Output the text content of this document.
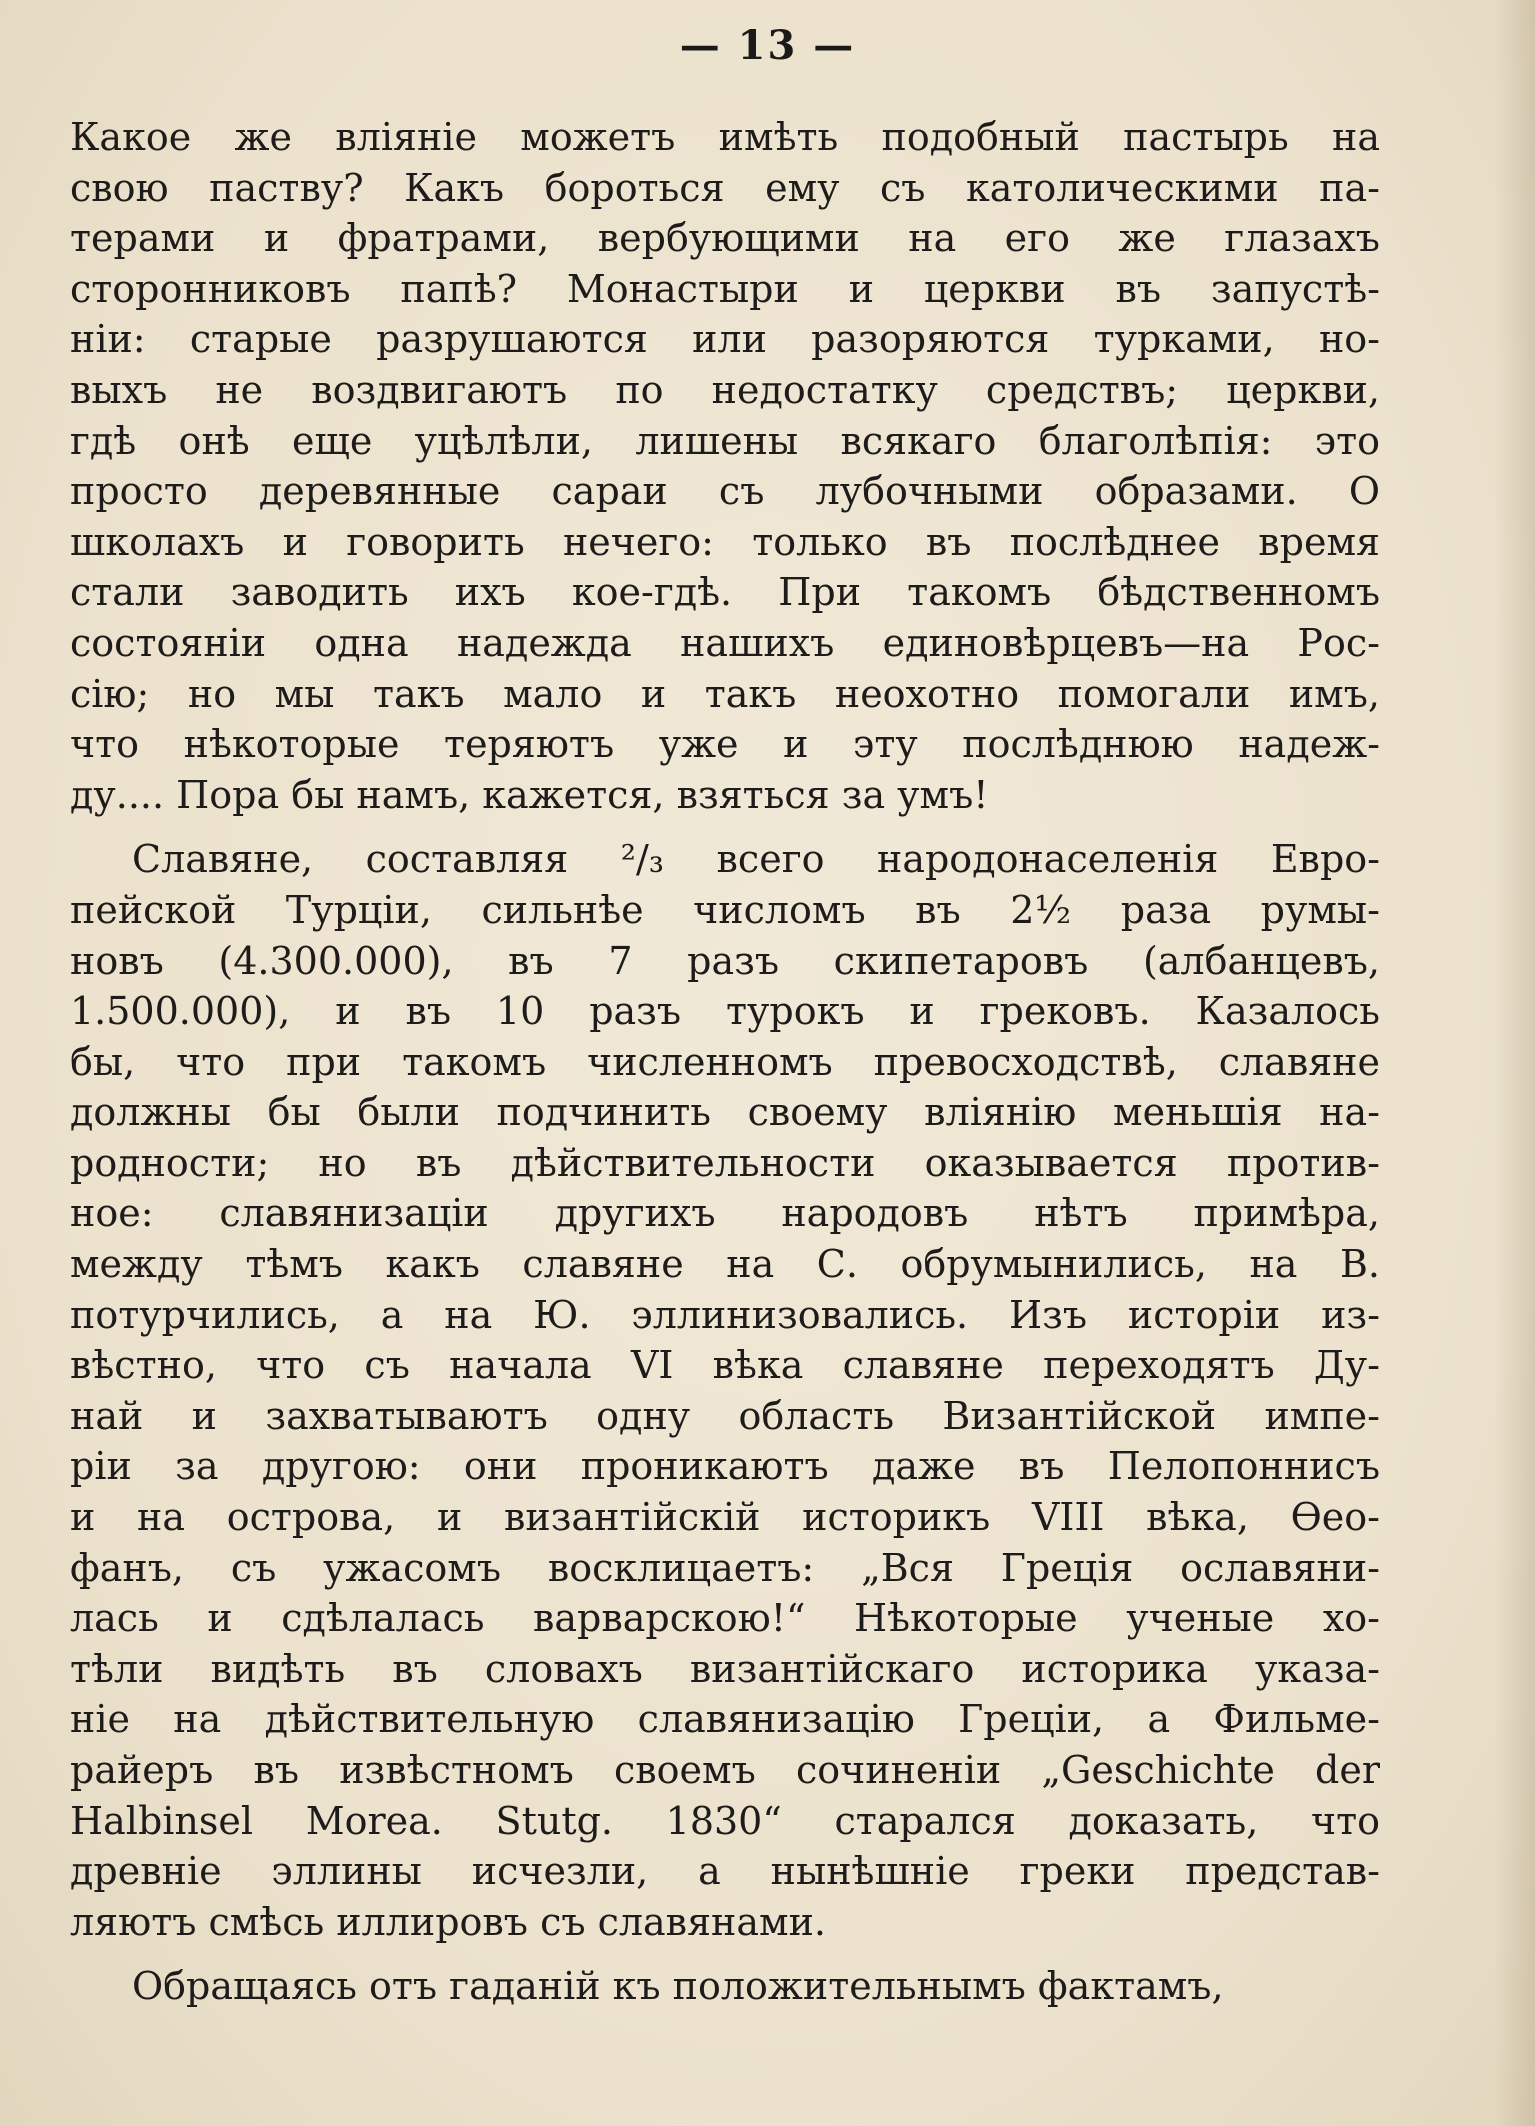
— 13 —
Какое же вліяніе можетъ имѣть подобный пастырь на
свою паству? Какъ бороться ему съ католическими па-
терами и фратрами, вербующими на его же глазахъ
сторонниковъ папѣ? Монастыри и церкви въ запустѣ-
ніи: старые разрушаются или разоряются турками, но-
выхъ не воздвигаютъ по недостатку средствъ; церкви,
гдѣ онѣ еще уцѣлѣли, лишены всякаго благолѣпія: это
просто деревянные сараи съ лубочными образами. О
школахъ и говорить нечего: только въ послѣднее время
стали заводить ихъ кое-гдѣ. При такомъ бѣдственномъ
состояніи одна надежда нашихъ единовѣрцевъ—на Рос-
сію; но мы такъ мало и такъ неохотно помогали имъ,
что нѣкоторые теряютъ уже и эту послѣднюю надеж-
ду.... Пора бы намъ, кажется, взяться за умъ!
Славяне, составляя ²/₃ всего народонаселенія Евро-
пейской Турціи, сильнѣе числомъ въ 2½ раза румы-
новъ (4.300.000), въ 7 разъ скипетаровъ (албанцевъ,
1.500.000), и въ 10 разъ турокъ и грековъ. Казалось
бы, что при такомъ численномъ превосходствѣ, славяне
должны бы были подчинить своему вліянію меньшія на-
родности; но въ дѣйствительности оказывается против-
ное: славянизаціи другихъ народовъ нѣтъ примѣра,
между тѣмъ какъ славяне на С. обрумынились, на В.
потурчились, а на Ю. эллинизовались. Изъ исторіи из-
вѣстно, что съ начала VI вѣка славяне переходятъ Ду-
най и захватываютъ одну область Византійской импе-
ріи за другою: они проникаютъ даже въ Пелопоннисъ
и на острова, и византійскій историкъ VIII вѣка, Ѳео-
фанъ, съ ужасомъ восклицаетъ: „Вся Греція ославяни-
лась и сдѣлалась варварскою!“ Нѣкоторые ученые хо-
тѣли видѣть въ словахъ византійскаго историка указа-
ніе на дѣйствительную славянизацію Греціи, а Фильме-
райеръ въ извѣстномъ своемъ сочиненіи „Geschichte der
Halbinsel Morea. Stutg. 1830“ старался доказать, что
древніе эллины исчезли, а нынѣшніе греки представ-
ляютъ смѣсь иллировъ съ славянами.
Обращаясь отъ гаданій къ положительнымъ фактамъ,
